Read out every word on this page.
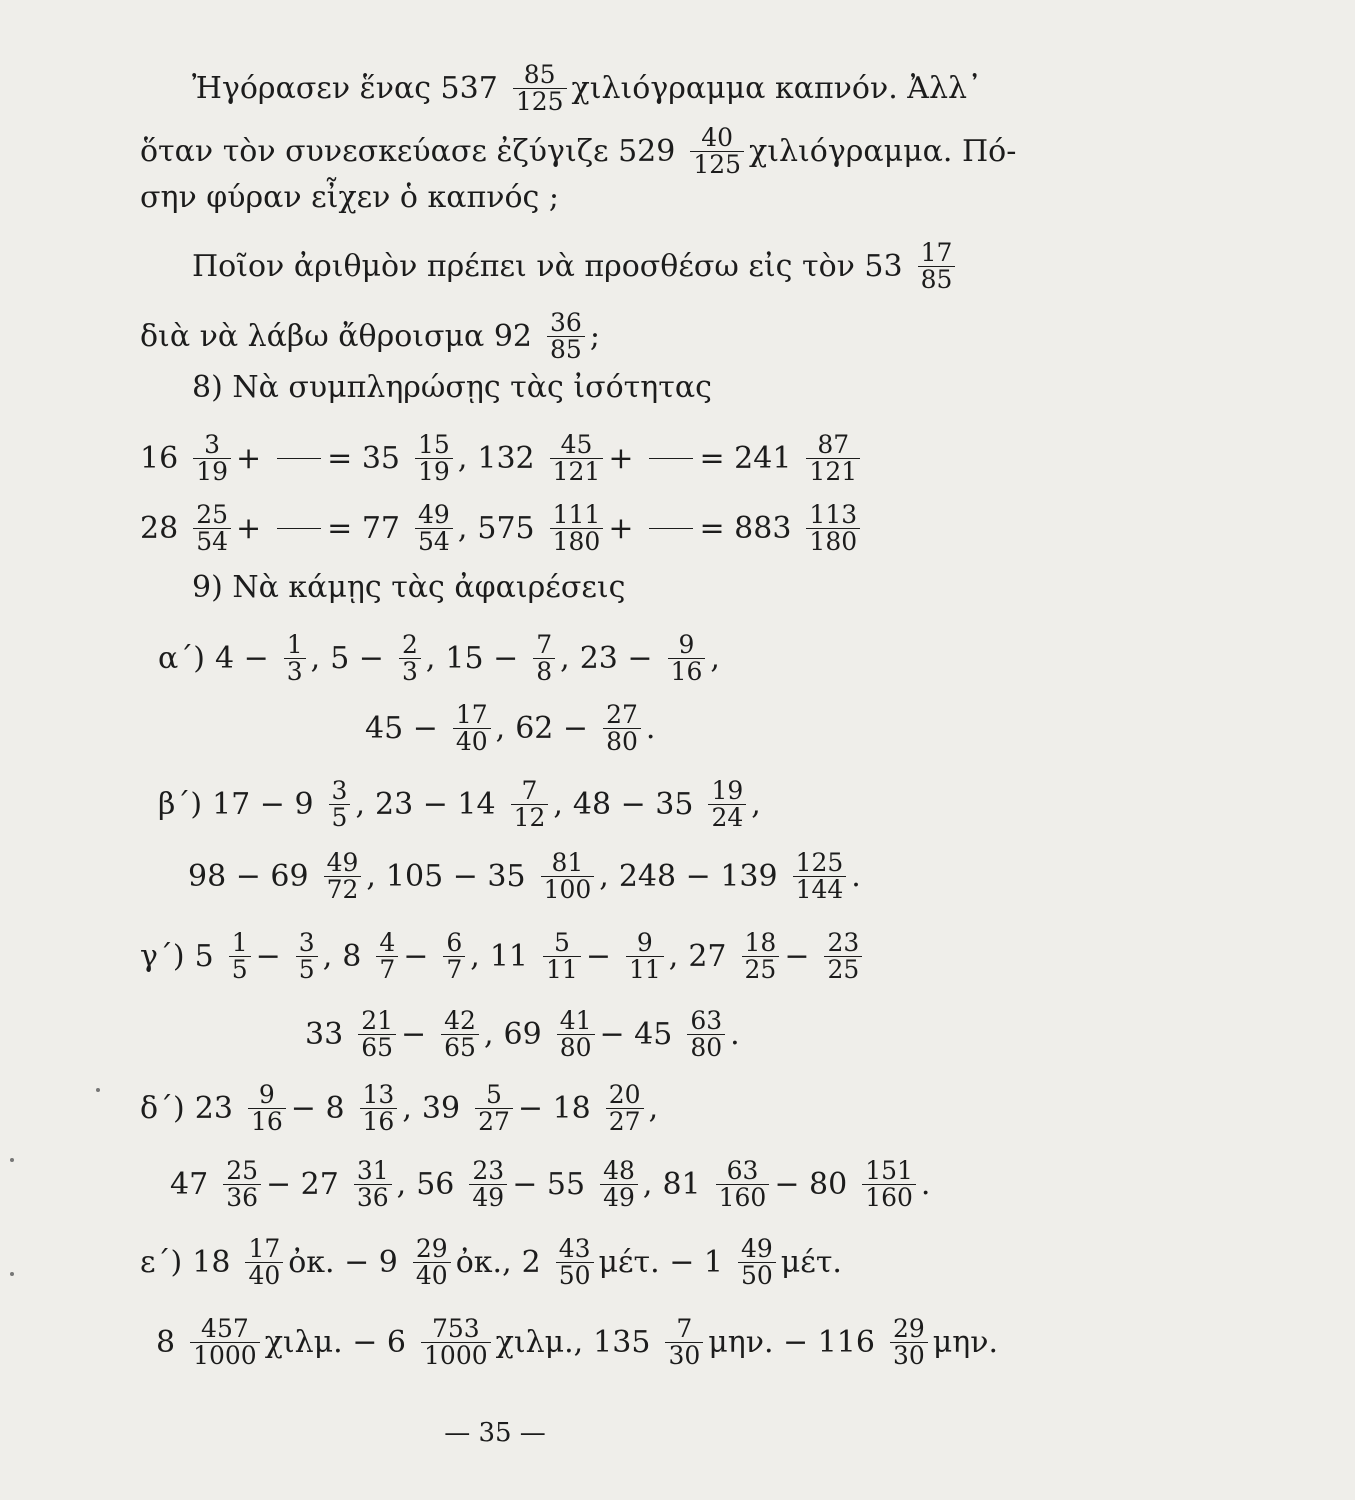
Ἠγόρασεν ἕνας $537 \frac{85}{125}$ χιλιόγραμμα καπνόν. Ἀλλ᾽
ὅταν τὸν συνεσκεύασε ἐζύγιζε $529 \frac{40}{125} \chi\iota\lambda\iota ό\gamma\rho\alpha\mu\mu\alpha$. Πό-
σην φύραν εἶχεν ὁ καπνός ;
Ποῖον ἀριθμὸν πρέπει νὰ προσθέσω εἰς τὸν $53 \frac{17}{85}$
διὰ νὰ λάβω ἄθροισμα $92 \frac{36}{85}$ ;
8) Νὰ συμπληρώσῃς τὰς ἰσότητας
$16 \frac{3}{19}$ + = $35 \frac{15}{19}$ , $132 \frac{45}{121}$ + = $241 \frac{87}{121}$
$28 \frac{25}{54}$ + = $77 \frac{49}{54}$ , $575 \frac{111}{180}$ + = $883 \frac{113}{180}$
9) Νὰ κάμῃς τὰς ἀφαιρέσεις
α΄) $4 - \frac{1}{3}$ , $5 - \frac{2}{3}$ , $15 - \frac{7}{8}$ , $23 - \frac{9}{16}$ ,
$45 - \frac{17}{40}$ , $62 - \frac{27}{80}$ .
β΄) $17 - 9 \frac{3}{5}$ , $23 - 14 \frac{7}{12}$ , $48 - 35 \frac{19}{24}$ ,
$98 - 69 \frac{49}{72}$ , $105 - 35 \frac{81}{100}$ , $248 - 139 \frac{125}{144}$ .
γ΄) $5 \frac{1}{5} - \frac{3}{5}$ , $8 \frac{4}{7} - \frac{6}{7}$ , $11 \frac{5}{11} - \frac{9}{11}$ , $27 \frac{18}{25} - \frac{23}{25}$
$33 \frac{21}{65} - \frac{42}{65}$ , $69 \frac{41}{80} - 45 \frac{63}{80}$ .
δ΄) $23 \frac{9}{16} - 8 \frac{13}{16}$ , $39 \frac{5}{27} - 18 \frac{20}{27}$ ,
$47 \frac{25}{36} - 27 \frac{31}{36}$ , $56 \frac{23}{49} - 55 \frac{48}{49}$ , $81 \frac{63}{160} - 80 \frac{151}{160}$ .
ε΄) $18 \frac{17}{40}$ ὀκ. − $9 \frac{29}{40}$ ὀκ., $2 \frac{43}{50} \mu έ\tau$. − $1 \frac{49}{50} \mu έ\tau$.
$8 \frac{457}{1000} \chi\iota\lambda\mu$. − $6 \frac{753}{1000} \chi\iota\lambda\mu$., $135 \frac{7}{30} \mu\eta\nu$. − $116 \frac{29}{30} \mu\eta\nu$.
— 35 —
